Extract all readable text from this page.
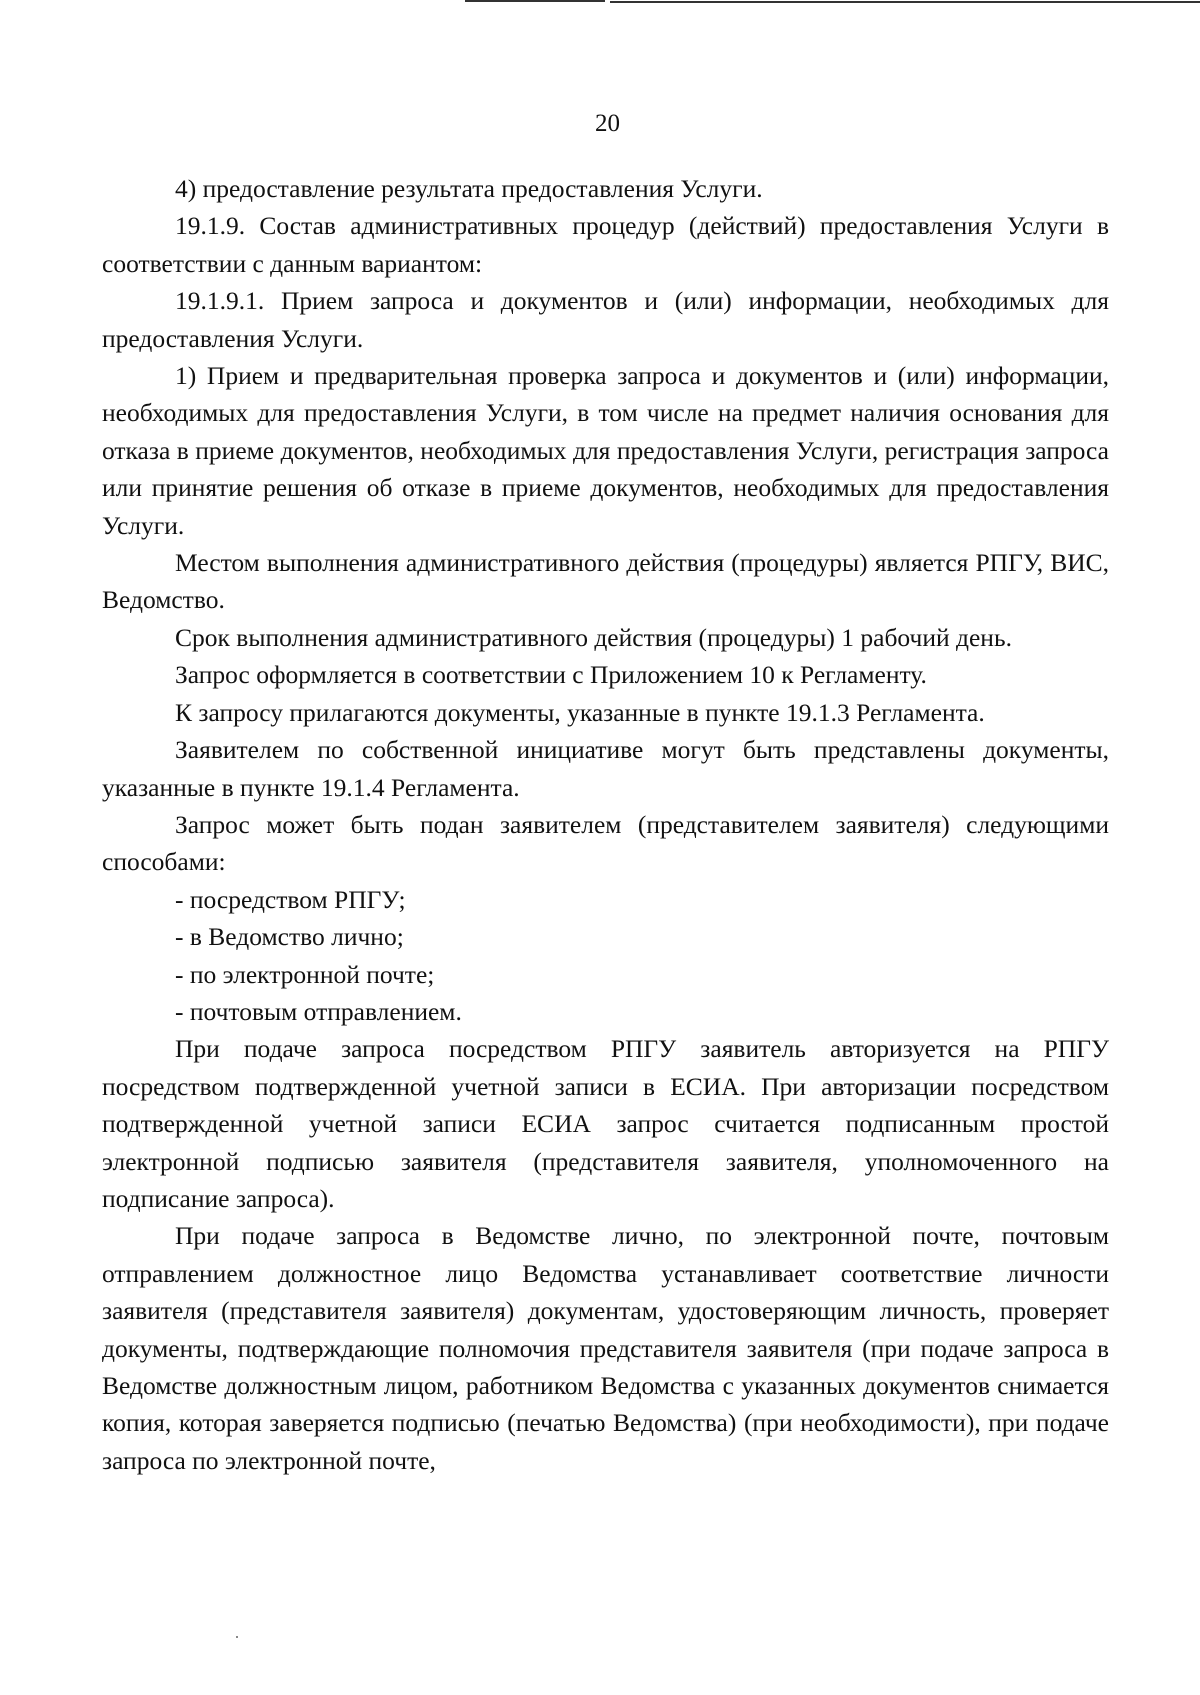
20

4) предоставление результата предоставления Услуги.

19.1.9. Состав административных процедур (действий) предоставления Услуги в соответствии с данным вариантом:

19.1.9.1. Прием запроса и документов и (или) информации, необходимых для предоставления Услуги.

1) Прием и предварительная проверка запроса и документов и (или) информации, необходимых для предоставления Услуги, в том числе на предмет наличия основания для отказа в приеме документов, необходимых для предоставления Услуги, регистрация запроса или принятие решения об отказе в приеме документов, необходимых для предоставления Услуги.

Местом выполнения административного действия (процедуры) является РПГУ, ВИС, Ведомство.

Срок выполнения административного действия (процедуры) 1 рабочий день.

Запрос оформляется в соответствии с Приложением 10 к Регламенту.

К запросу прилагаются документы, указанные в пункте 19.1.3 Регламента.

Заявителем по собственной инициативе могут быть представлены документы, указанные в пункте 19.1.4 Регламента.

Запрос может быть подан заявителем (представителем заявителя) следующими способами:

- посредством РПГУ;

- в Ведомство лично;

- по электронной почте;

- почтовым отправлением.

При подаче запроса посредством РПГУ заявитель авторизуется на РПГУ посредством подтвержденной учетной записи в ЕСИА. При авторизации посредством подтвержденной учетной записи ЕСИА запрос считается подписанным простой электронной подписью заявителя (представителя заявителя, уполномоченного на подписание запроса).

При подаче запроса в Ведомстве лично, по электронной почте, почтовым отправлением должностное лицо Ведомства устанавливает соответствие личности заявителя (представителя заявителя) документам, удостоверяющим личность, проверяет документы, подтверждающие полномочия представителя заявителя (при подаче запроса в Ведомстве должностным лицом, работником Ведомства с указанных документов снимается копия, которая заверяется подписью (печатью Ведомства) (при необходимости), при подаче запроса по электронной почте,
